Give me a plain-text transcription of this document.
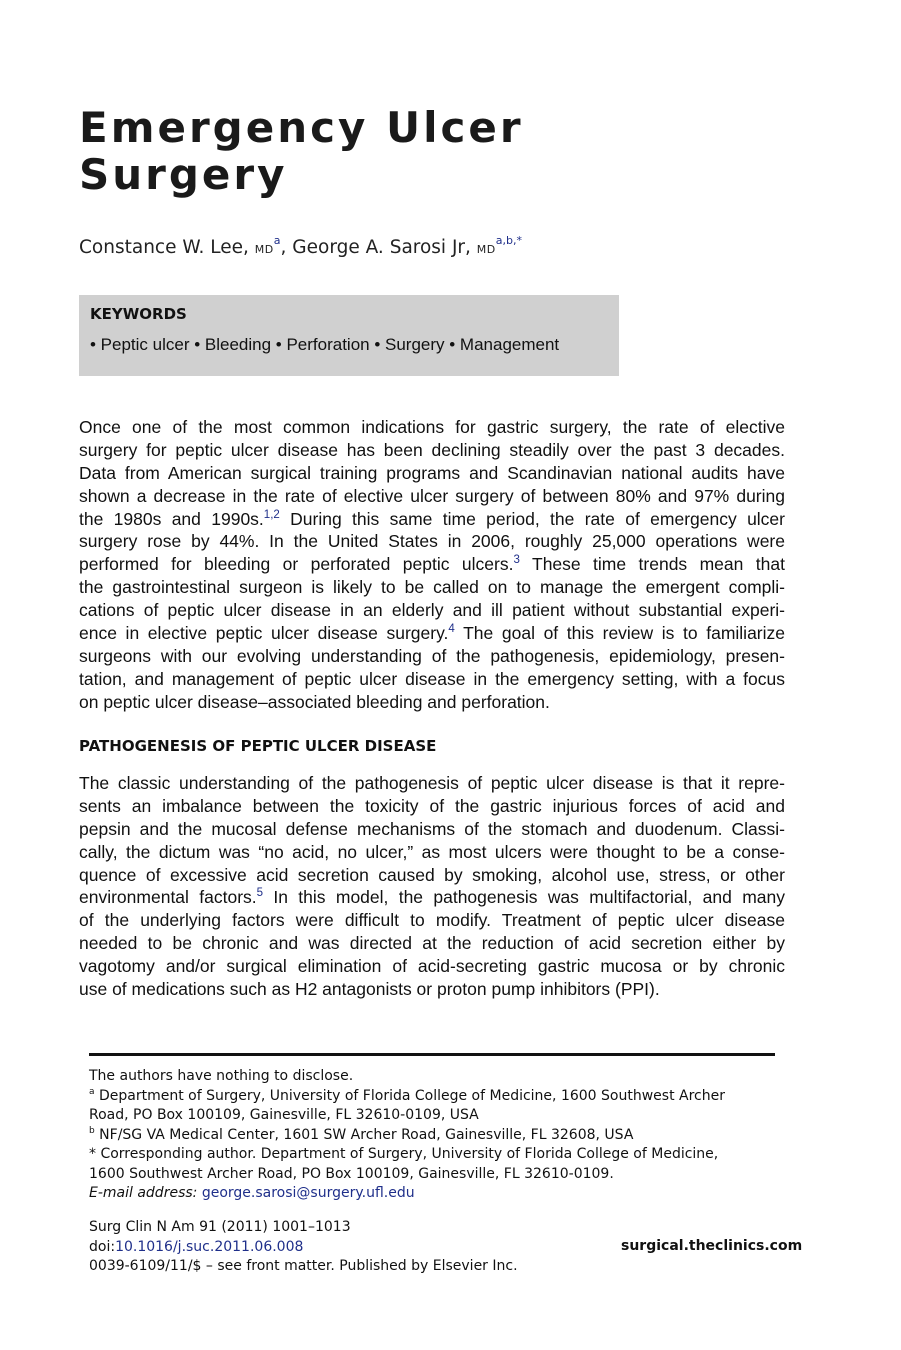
Emergency Ulcer
Surgery
Constance W. Lee, $MD^a$, George A. Sarosi Jr, $MD^{a,b,*}$
KEYWORDS
• Peptic ulcer • Bleeding • Perforation • Surgery • Management
Once one of the most common indications for gastric surgery, the rate of elective
surgery for peptic ulcer disease has been declining steadily over the past 3 decades.
Data from American surgical training programs and Scandinavian national audits have
shown a decrease in the rate of elective ulcer surgery of between 80% and 97% during
the 1980s and 1990s.$^{1,2}$ During this same time period, the rate of emergency ulcer
surgery rose by 44%. In the United States in 2006, roughly 25,000 operations were
performed for bleeding or perforated peptic ulcers.$^3$ These time trends mean that
the gastrointestinal surgeon is likely to be called on to manage the emergent compli-
cations of peptic ulcer disease in an elderly and ill patient without substantial experi-
ence in elective peptic ulcer disease surgery.$^4$ The goal of this review is to familiarize
surgeons with our evolving understanding of the pathogenesis, epidemiology, presen-
tation, and management of peptic ulcer disease in the emergency setting, with a focus
on peptic ulcer disease–associated bleeding and perforation.
PATHOGENESIS OF PEPTIC ULCER DISEASE
The classic understanding of the pathogenesis of peptic ulcer disease is that it repre-
sents an imbalance between the toxicity of the gastric injurious forces of acid and
pepsin and the mucosal defense mechanisms of the stomach and duodenum. Classi-
cally, the dictum was “no acid, no ulcer,” as most ulcers were thought to be a conse-
quence of excessive acid secretion caused by smoking, alcohol use, stress, or other
environmental factors.$^5$ In this model, the pathogenesis was multifactorial, and many
of the underlying factors were difficult to modify. Treatment of peptic ulcer disease
needed to be chronic and was directed at the reduction of acid secretion either by
vagotomy and/or surgical elimination of acid-secreting gastric mucosa or by chronic
use of medications such as H2 antagonists or proton pump inhibitors (PPI).
The authors have nothing to disclose.
$^a$ Department of Surgery, University of Florida College of Medicine, 1600 Southwest Archer
Road, PO Box 100109, Gainesville, FL 32610-0109, USA
$^b$ NF/SG VA Medical Center, 1601 SW Archer Road, Gainesville, FL 32608, USA
* Corresponding author. Department of Surgery, University of Florida College of Medicine,
1600 Southwest Archer Road, PO Box 100109, Gainesville, FL 32610-0109.
E-mail address: george.sarosi@surgery.ufl.edu
Surg Clin N Am 91 (2011) 1001–1013
doi:10.1016/j.suc.2011.06.008
0039-6109/11/$ – see front matter. Published by Elsevier Inc.
surgical.theclinics.com
